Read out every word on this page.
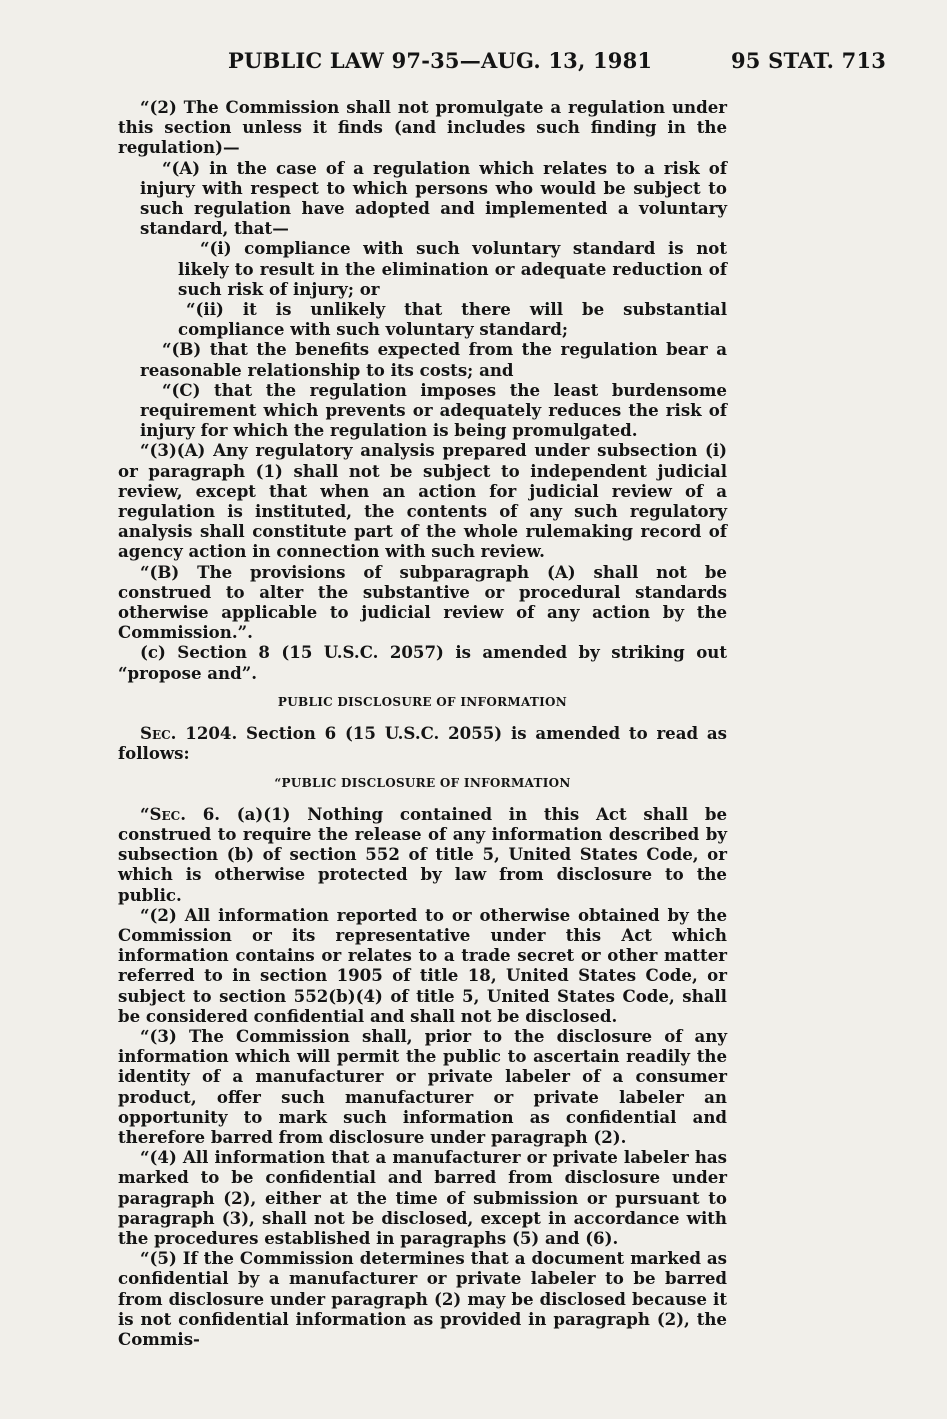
PUBLIC LAW 97-35—AUG. 13, 1981	95 STAT. 713

“(2) The Commission shall not promulgate a regulation under this section unless it finds (and includes such finding in the regulation)—

“(A) in the case of a regulation which relates to a risk of injury with respect to which persons who would be subject to such regulation have adopted and implemented a voluntary standard, that—

“(i) compliance with such voluntary standard is not likely to result in the elimination or adequate reduction of such risk of injury; or

“(ii) it is unlikely that there will be substantial compliance with such voluntary standard;

“(B) that the benefits expected from the regulation bear a reasonable relationship to its costs; and

“(C) that the regulation imposes the least burdensome requirement which prevents or adequately reduces the risk of injury for which the regulation is being promulgated.

“(3)(A) Any regulatory analysis prepared under subsection (i) or paragraph (1) shall not be subject to independent judicial review, except that when an action for judicial review of a regulation is instituted, the contents of any such regulatory analysis shall constitute part of the whole rulemaking record of agency action in connection with such review.

“(B) The provisions of subparagraph (A) shall not be construed to alter the substantive or procedural standards otherwise applicable to judicial review of any action by the Commission.”.

(c) Section 8 (15 U.S.C. 2057) is amended by striking out “propose and”.

PUBLIC DISCLOSURE OF INFORMATION

Sec. 1204. Section 6 (15 U.S.C. 2055) is amended to read as follows:

“PUBLIC DISCLOSURE OF INFORMATION

“Sec. 6. (a)(1) Nothing contained in this Act shall be construed to require the release of any information described by subsection (b) of section 552 of title 5, United States Code, or which is otherwise protected by law from disclosure to the public.

“(2) All information reported to or otherwise obtained by the Commission or its representative under this Act which information contains or relates to a trade secret or other matter referred to in section 1905 of title 18, United States Code, or subject to section 552(b)(4) of title 5, United States Code, shall be considered confidential and shall not be disclosed.

“(3) The Commission shall, prior to the disclosure of any information which will permit the public to ascertain readily the identity of a manufacturer or private labeler of a consumer product, offer such manufacturer or private labeler an opportunity to mark such information as confidential and therefore barred from disclosure under paragraph (2).

“(4) All information that a manufacturer or private labeler has marked to be confidential and barred from disclosure under paragraph (2), either at the time of submission or pursuant to paragraph (3), shall not be disclosed, except in accordance with the procedures established in paragraphs (5) and (6).

“(5) If the Commission determines that a document marked as confidential by a manufacturer or private labeler to be barred from disclosure under paragraph (2) may be disclosed because it is not confidential information as provided in paragraph (2), the Commis-
